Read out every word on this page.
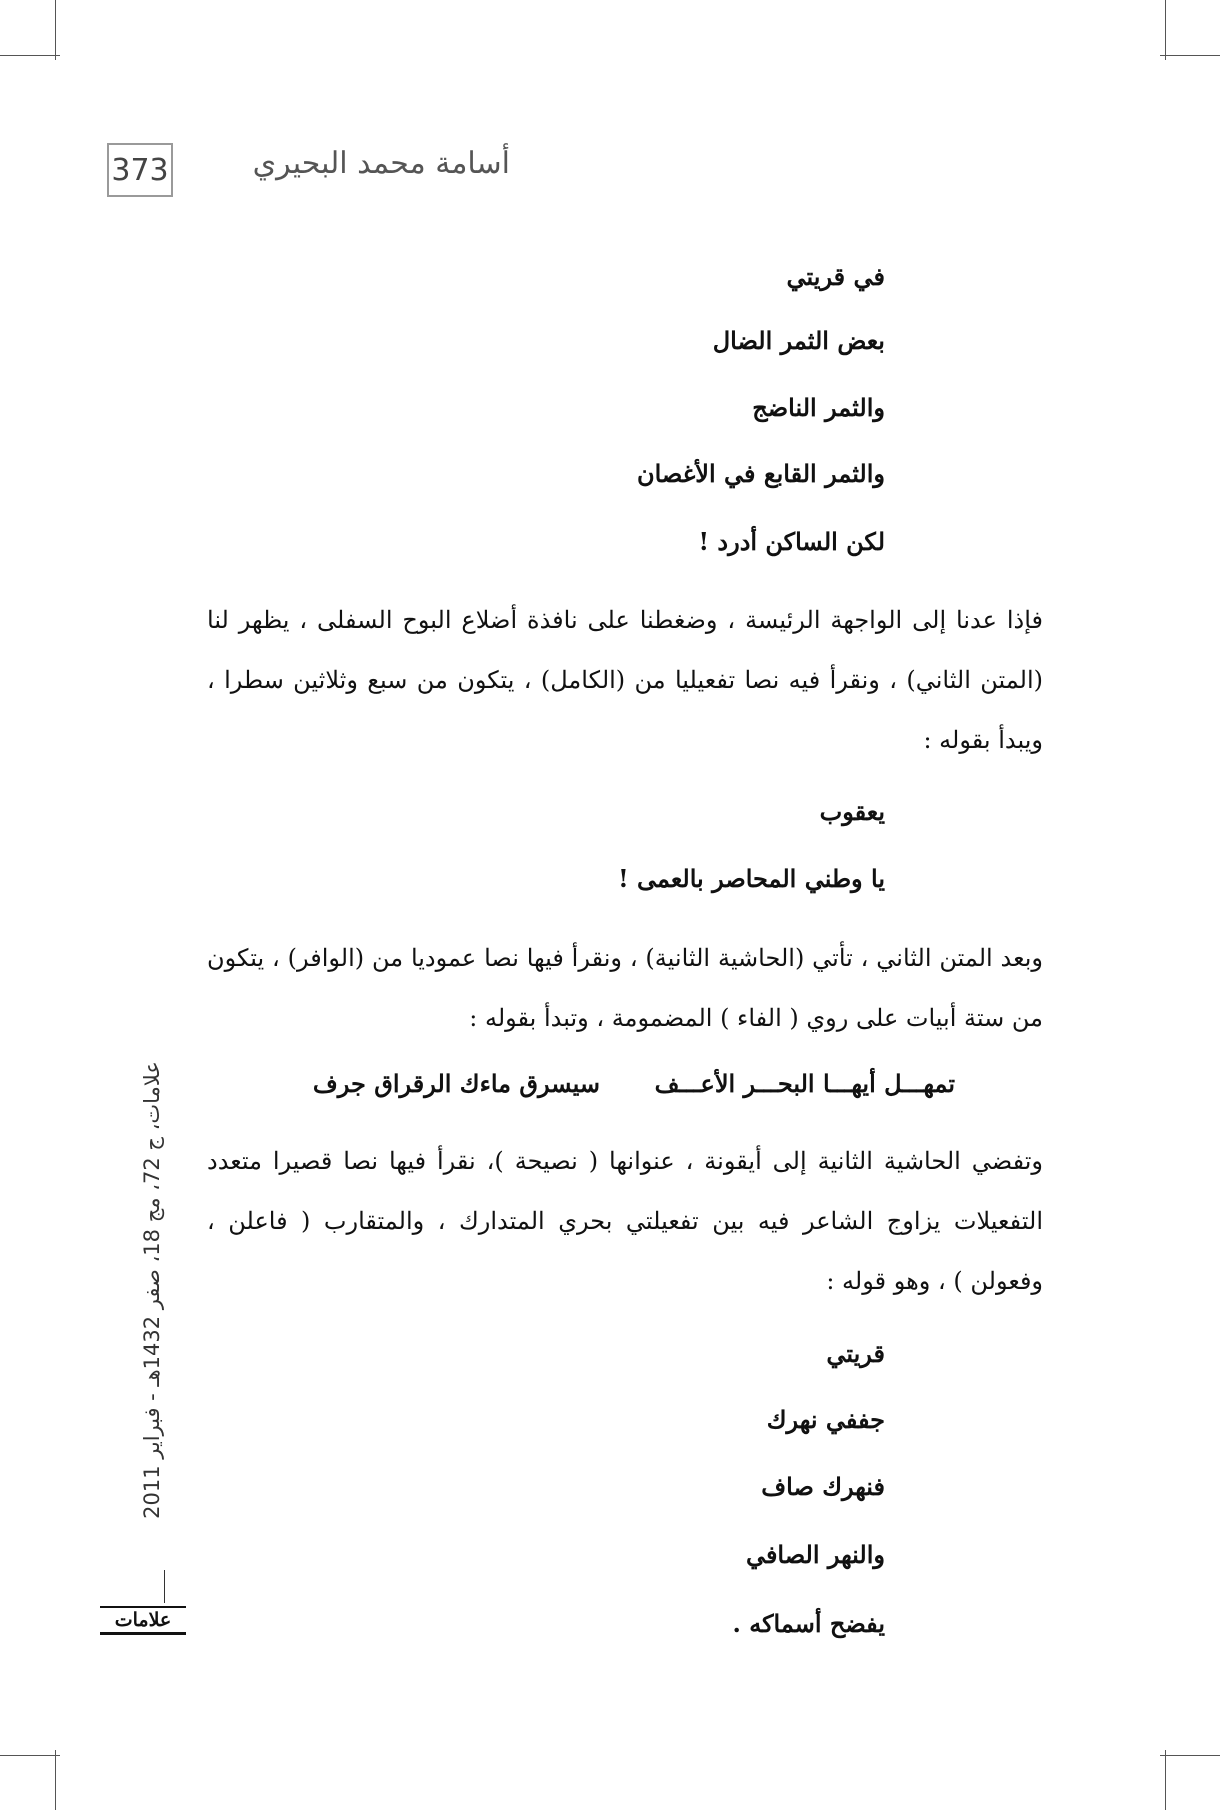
373	أسامة محمد البحيري
في قريتي
بعض الثمر الضال
والثمر الناضج
والثمر القابع في الأغصان
لكن الساكن أدرد !

فإذا عدنا إلى الواجهة الرئيسة ، وضغطنا على نافذة أضلاع البوح السفلى ، يظهر لنا (المتن الثاني) ، ونقرأ فيه نصا تفعيليا من (الكامل) ، يتكون من سبع وثلاثين سطرا ، ويبدأ بقوله :

يعقوب
يا وطني المحاصر بالعمى !

وبعد المتن الثاني ، تأتي (الحاشية الثانية) ، ونقرأ فيها نصا عموديا من (الوافر) ، يتكون من ستة أبيات على روي ( الفاء ) المضمومة ، وتبدأ بقوله :

تمهـــل أيهـــا البحـــر الأعـــف
سيسرق ماءك الرقراق جرف

وتفضي الحاشية الثانية إلى أيقونة ، عنوانها ( نصيحة )، نقرأ فيها نصا قصيرا متعدد التفعيلات يزاوج الشاعر فيه بين تفعيلتي بحري المتدارك ، والمتقارب ( فاعلن ، وفعولن ) ، وهو قوله :

قريتي
جففي نهرك
فنهرك صاف
والنهر الصافي
يفضح أسماكه .
علامات، ج 72، مج 18، صفر 1432هـ - فبراير 2011
علامات
